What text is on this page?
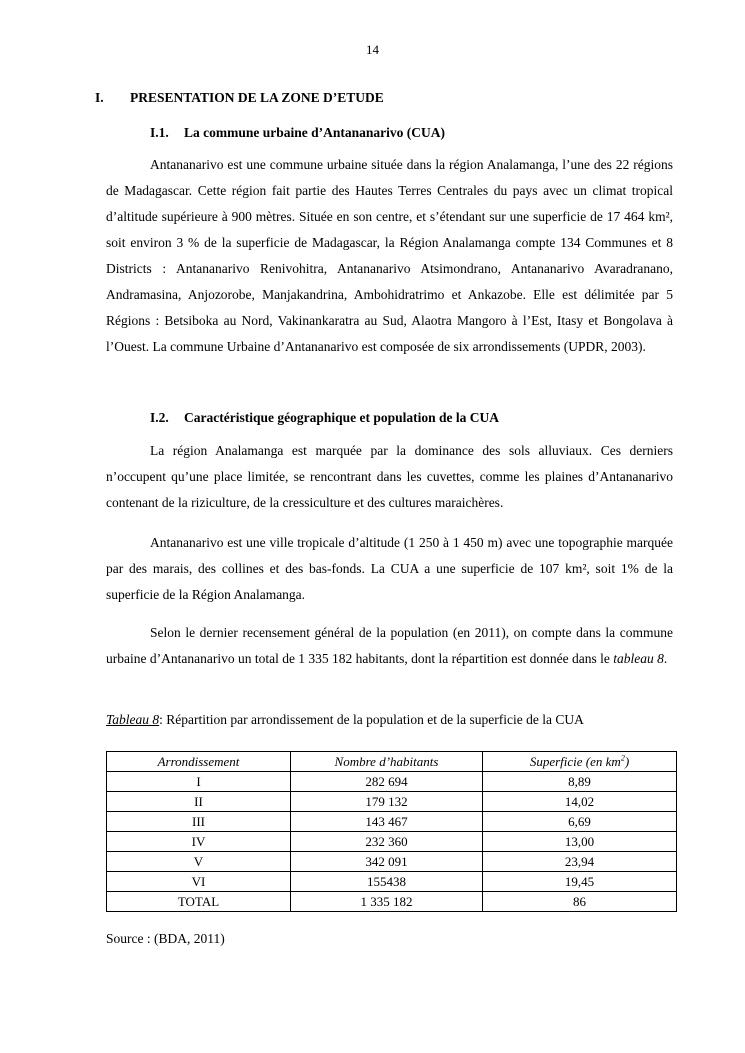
14
I. PRESENTATION DE LA ZONE D’ETUDE
I.1. La commune urbaine d’Antananarivo (CUA)

Antananarivo est une commune urbaine située dans la région Analamanga, l’une des 22 régions de Madagascar. Cette région fait partie des Hautes Terres Centrales du pays avec un climat tropical d’altitude supérieure à 900 mètres. Située en son centre, et s’étendant sur une superficie de 17 464 km², soit environ 3 % de la superficie de Madagascar, la Région Analamanga compte 134 Communes et 8 Districts : Antananarivo Renivohitra, Antananarivo Atsimondrano, Antananarivo Avaradranano, Andramasina, Anjozorobe, Manjakandrina, Ambohidratrimo et Ankazobe. Elle est délimitée par 5 Régions : Betsiboka au Nord, Vakinankaratra au Sud, Alaotra Mangoro à l’Est, Itasy et Bongolava à l’Ouest. La commune Urbaine d’Antananarivo est composée de six arrondissements (UPDR, 2003).

I.2. Caractéristique géographique et population de la CUA

La région Analamanga est marquée par la dominance des sols alluviaux. Ces derniers n’occupent qu’une place limitée, se rencontrant dans les cuvettes, comme les plaines d’Antananarivo contenant de la riziculture, de la cressiculture et des cultures maraichères.

Antananarivo est une ville tropicale d’altitude (1 250 à 1 450 m) avec une topographie marquée par des marais, des collines et des bas-fonds. La CUA a une superficie de 107 km², soit 1% de la superficie de la Région Analamanga.

Selon le dernier recensement général de la population (en 2011), on compte dans la commune urbaine d’Antananarivo un total de 1 335 182 habitants, dont la répartition est donnée dans le tableau 8.

Tableau 8: Répartition par arrondissement de la population et de la superficie de la CUA
Arrondissement	Nombre d’habitants	Superficie (en $km^2$)
I	282 694	8,89
II	179 132	14,02
III	143 467	6,69
IV	232 360	13,00
V	342 091	23,94
VI	155438	19,45
TOTAL	1 335 182	86
Source : (BDA, 2011)
